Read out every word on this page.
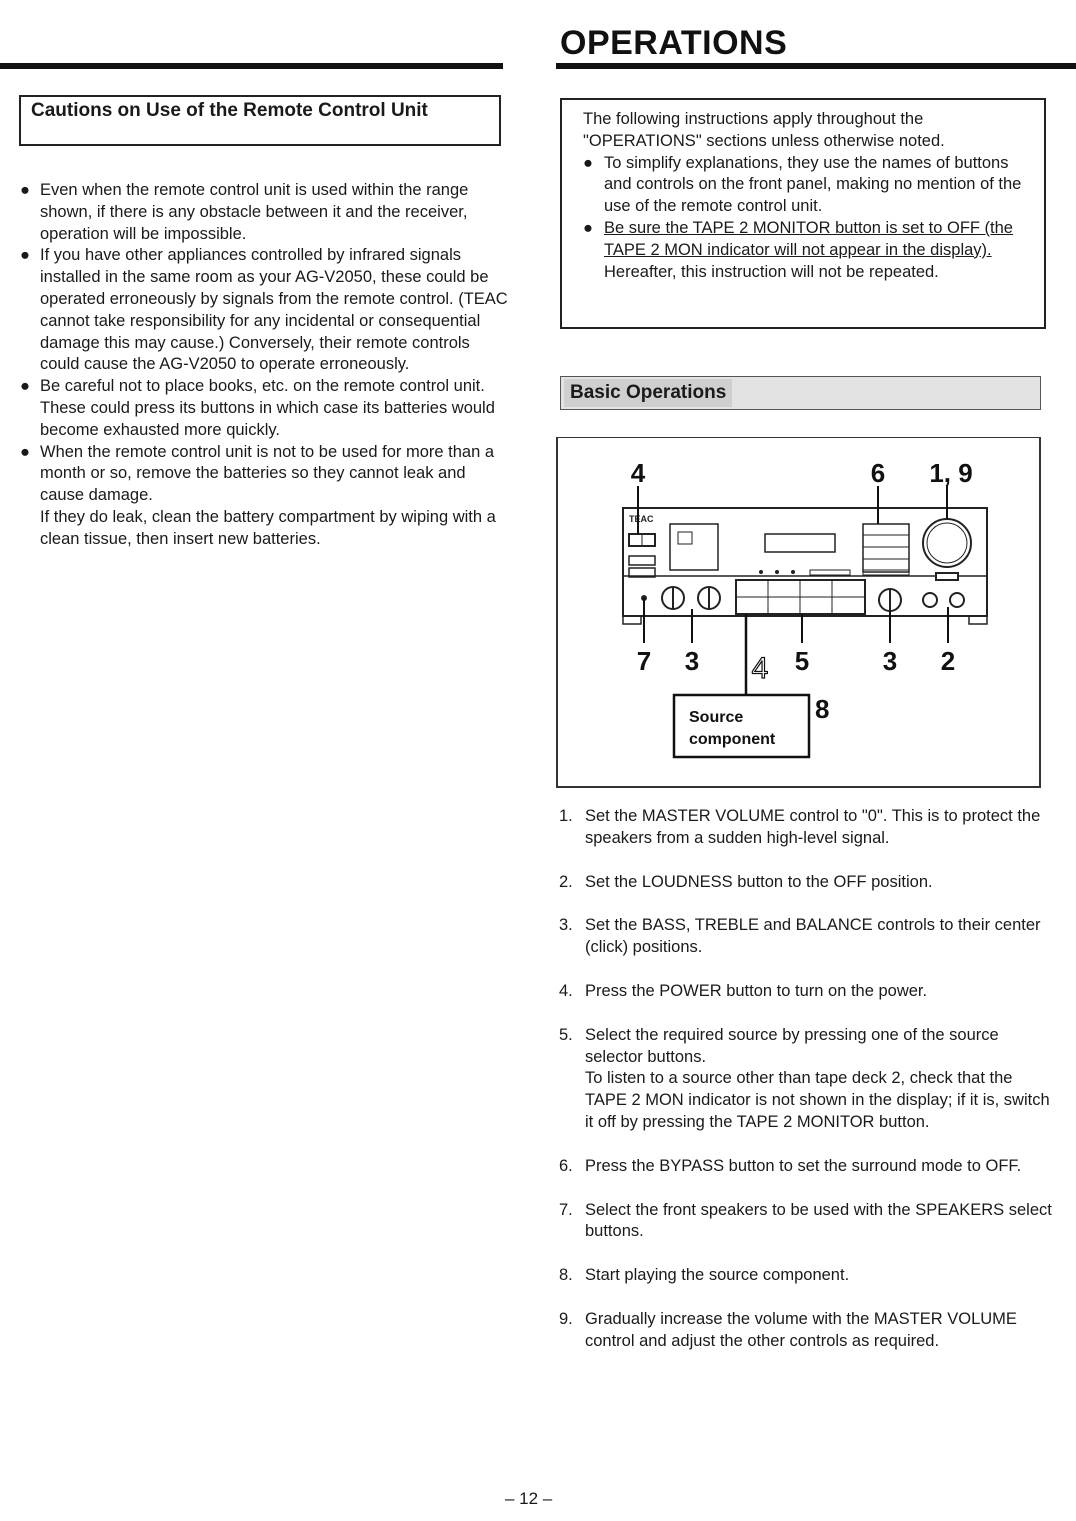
OPERATIONS
Cautions on Use of the Remote Control Unit
● Even when the remote control unit is used within the range shown, if there is any obstacle between it and the receiver, operation will be impossible.
● If you have other appliances controlled by infrared signals installed in the same room as your AG-V2050, these could be operated erroneously by signals from the remote control. (TEAC cannot take responsibility for any incidental or consequential damage this may cause.) Conversely, their remote controls could cause the AG-V2050 to operate erroneously.
● Be careful not to place books, etc. on the remote control unit. These could press its buttons in which case its batteries would become exhausted more quickly.
● When the remote control unit is not to be used for more than a month or so, remove the batteries so they cannot leak and cause damage.
If they do leak, clean the battery compartment by wiping with a clean tissue, then insert new batteries.
The following instructions apply throughout the "OPERATIONS" sections unless otherwise noted.
● To simplify explanations, they use the names of buttons and controls on the front panel, making no mention of the use of the remote control unit.
● Be sure the TAPE 2 MONITOR button is set to OFF (the TAPE 2 MON indicator will not appear in the display).
Hereafter, this instruction will not be repeated.
Basic Operations
TEAC
4	6 1, 9
7 3 4 5	3 2
Source component
8
1. Set the MASTER VOLUME control to "0". This is to protect the speakers from a sudden high-level signal.
2. Set the LOUDNESS button to the OFF position.
3. Set the BASS, TREBLE and BALANCE controls to their center (click) positions.
4. Press the POWER button to turn on the power.
5. Select the required source by pressing one of the source selector buttons.
To listen to a source other than tape deck 2, check that the TAPE 2 MON indicator is not shown in the display; if it is, switch it off by pressing the TAPE 2 MONITOR button.
6. Press the BYPASS button to set the surround mode to OFF.
7. Select the front speakers to be used with the SPEAKERS select buttons.
8. Start playing the source component.
9. Gradually increase the volume with the MASTER VOLUME control and adjust the other controls as required.
– 12 –
